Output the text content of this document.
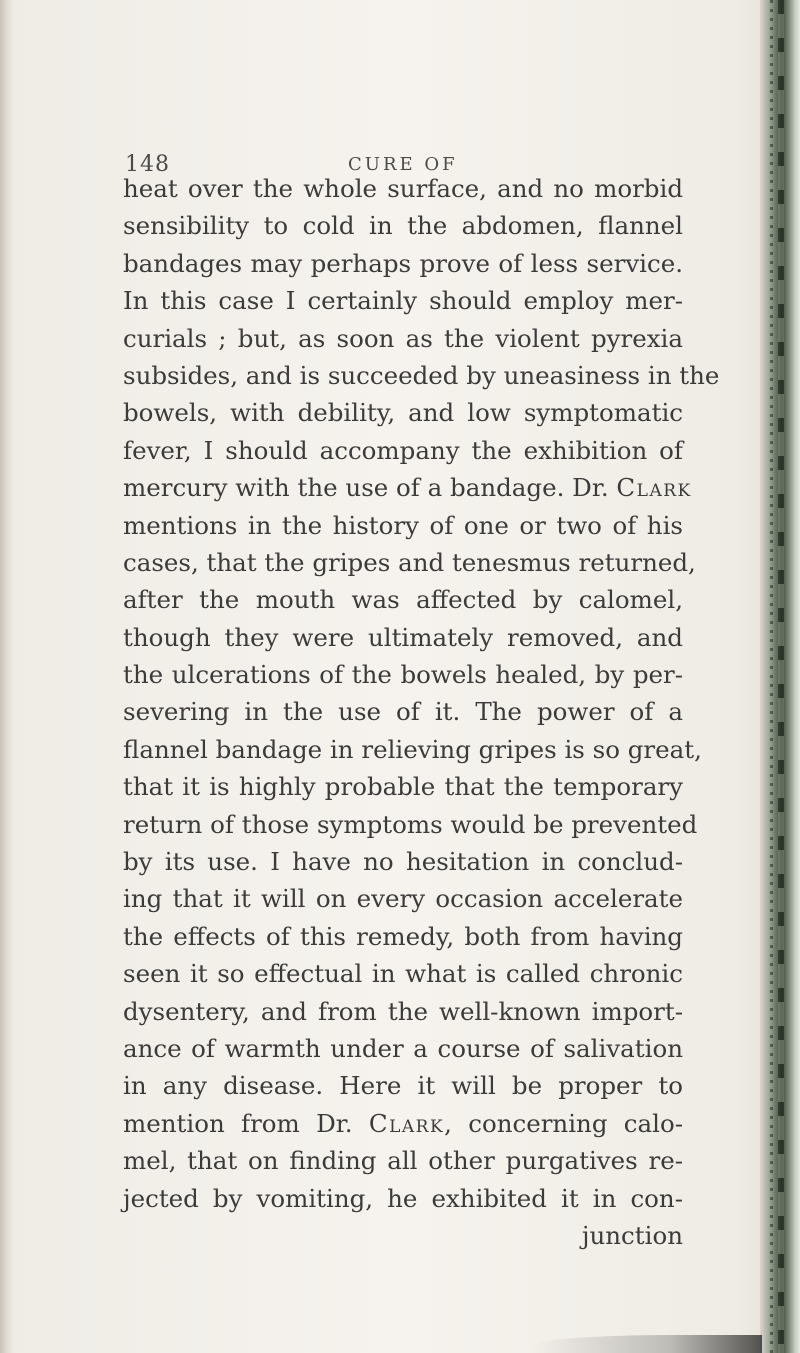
148	CURE OF
heat over the whole surface, and no morbid
sensibility to cold in the abdomen, flannel
bandages may perhaps prove of less service.
In this case I certainly should employ mer-
curials ; but, as soon as the violent pyrexia
subsides, and is succeeded by uneasiness in the
bowels, with debility, and low symptomatic
fever, I should accompany the exhibition of
mercury with the use of a bandage. Dr. Clark
mentions in the history of one or two of his
cases, that the gripes and tenesmus returned,
after the mouth was affected by calomel,
though they were ultimately removed, and
the ulcerations of the bowels healed, by per-
severing in the use of it. The power of a
flannel bandage in relieving gripes is so great,
that it is highly probable that the temporary
return of those symptoms would be prevented
by its use. I have no hesitation in conclud-
ing that it will on every occasion accelerate
the effects of this remedy, both from having
seen it so effectual in what is called chronic
dysentery, and from the well-known import-
ance of warmth under a course of salivation
in any disease. Here it will be proper to
mention from Dr. Clark, concerning calo-
mel, that on finding all other purgatives re-
jected by vomiting, he exhibited it in con-
junction
